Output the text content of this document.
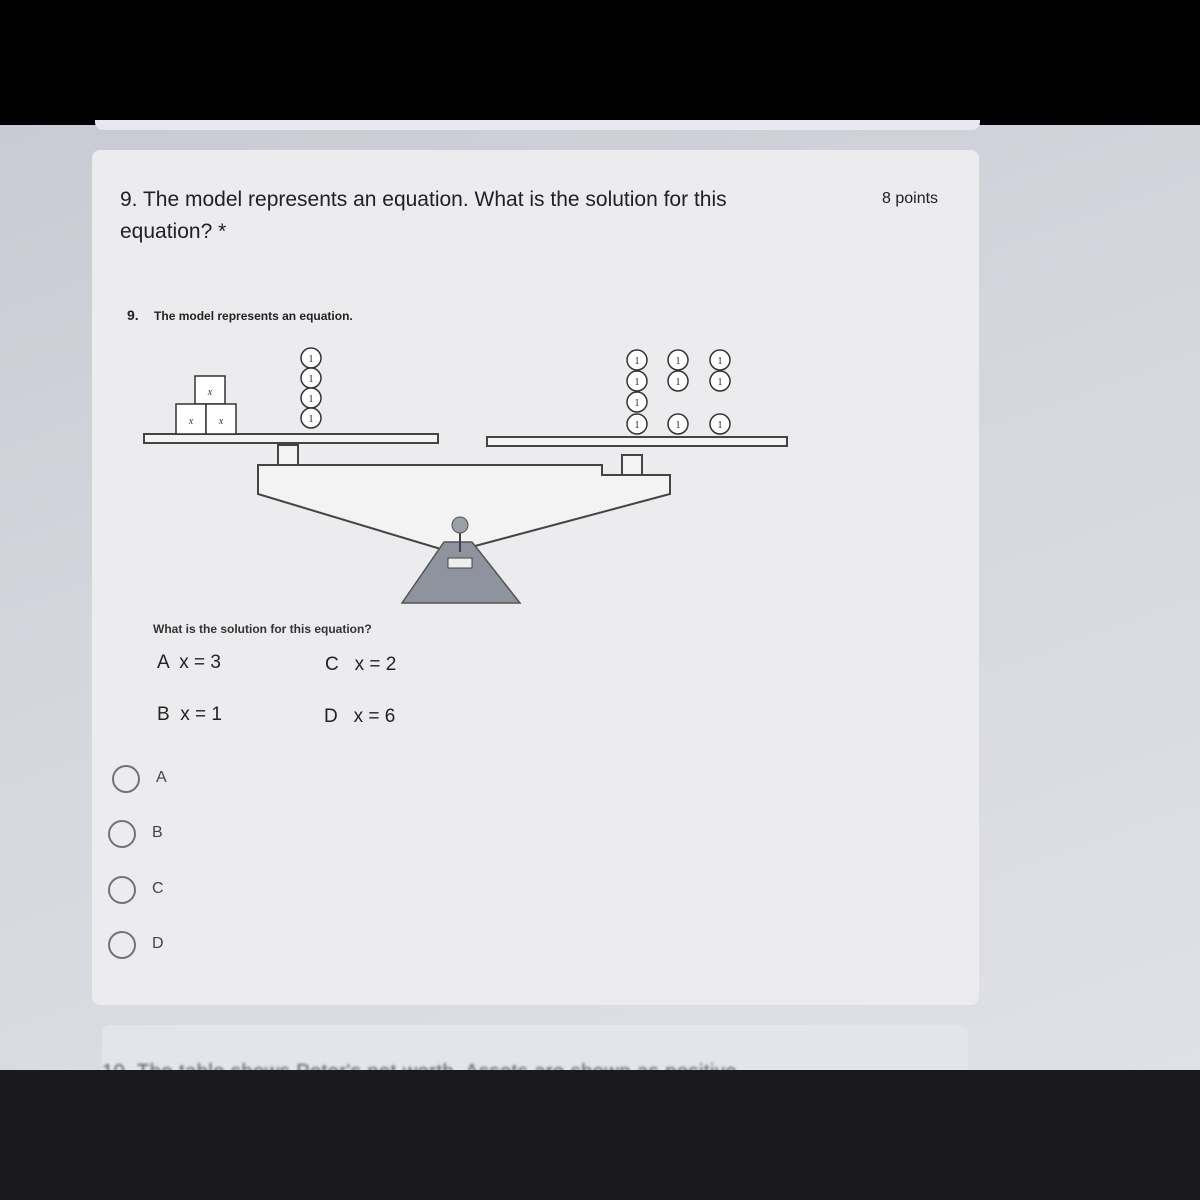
9. The model represents an equation. What is the solution for this equation? *
8 points
9. The model represents an equation.
x
x	x
1
1
1
1
1
1
1
1
1
1
1
1
1
1
What is the solution for this equation?
A x = 3	C x = 2
B x = 1	D x = 6
A
B
C
D
